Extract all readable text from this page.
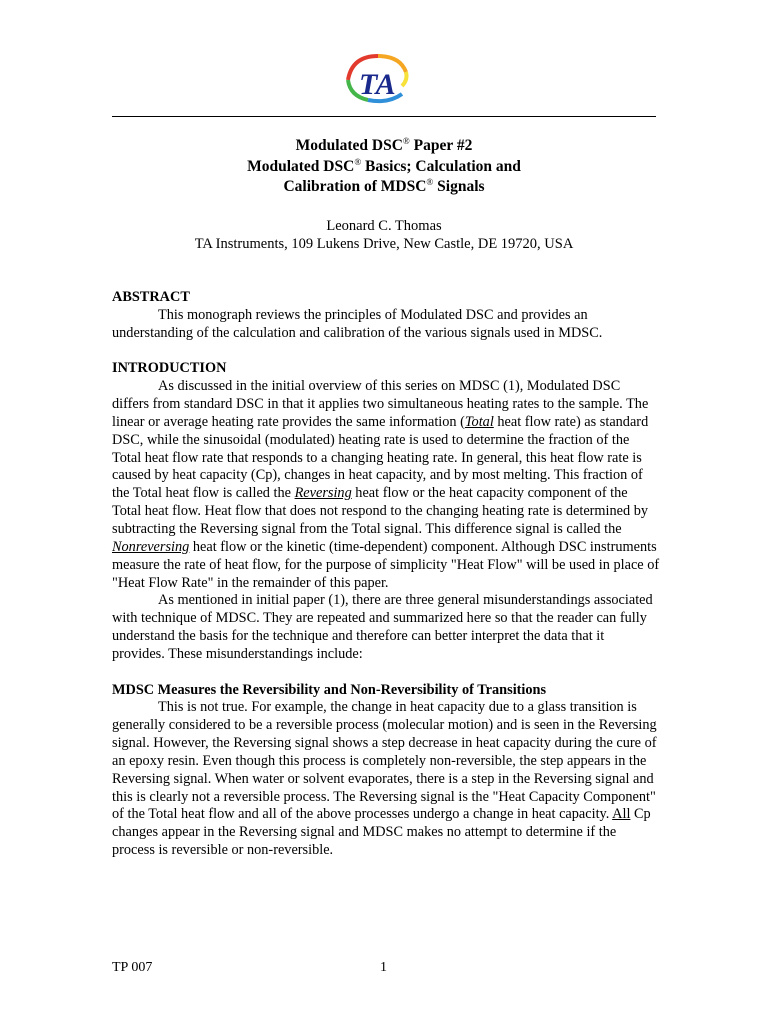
TA
Modulated DSC® Paper #2
Modulated DSC® Basics; Calculation and
Calibration of MDSC® Signals
Leonard C. Thomas
TA Instruments, 109 Lukens Drive, New Castle, DE 19720, USA

ABSTRACT

This monograph reviews the principles of Modulated DSC and provides an understanding of the calculation and calibration of the various signals used in MDSC.

INTRODUCTION

As discussed in the initial overview of this series on MDSC (1), Modulated DSC differs from standard DSC in that it applies two simultaneous heating rates to the sample. The linear or average heating rate provides the same information (Total heat flow rate) as standard DSC, while the sinusoidal (modulated) heating rate is used to determine the fraction of the Total heat flow rate that responds to a changing heating rate. In general, this heat flow rate is caused by heat capacity (Cp), changes in heat capacity, and by most melting. This fraction of the Total heat flow is called the Reversing heat flow or the heat capacity component of the Total heat flow. Heat flow that does not respond to the changing heating rate is determined by subtracting the Reversing signal from the Total signal. This difference signal is called the Nonreversing heat flow or the kinetic (time-dependent) component. Although DSC instruments measure the rate of heat flow, for the purpose of simplicity "Heat Flow" will be used in place of "Heat Flow Rate" in the remainder of this paper.

As mentioned in initial paper (1), there are three general misunderstandings associated with technique of MDSC. They are repeated and summarized here so that the reader can fully understand the basis for the technique and therefore can better interpret the data that it provides. These misunderstandings include:

MDSC Measures the Reversibility and Non-Reversibility of Transitions

This is not true. For example, the change in heat capacity due to a glass transition is generally considered to be a reversible process (molecular motion) and is seen in the Reversing signal. However, the Reversing signal shows a step decrease in heat capacity during the cure of an epoxy resin. Even though this process is completely non-reversible, the step appears in the Reversing signal. When water or solvent evaporates, there is a step in the Reversing signal and this is clearly not a reversible process. The Reversing signal is the "Heat Capacity Component" of the Total heat flow and all of the above processes undergo a change in heat capacity. All Cp changes appear in the Reversing signal and MDSC makes no attempt to determine if the process is reversible or non-reversible.

TP 007	1
